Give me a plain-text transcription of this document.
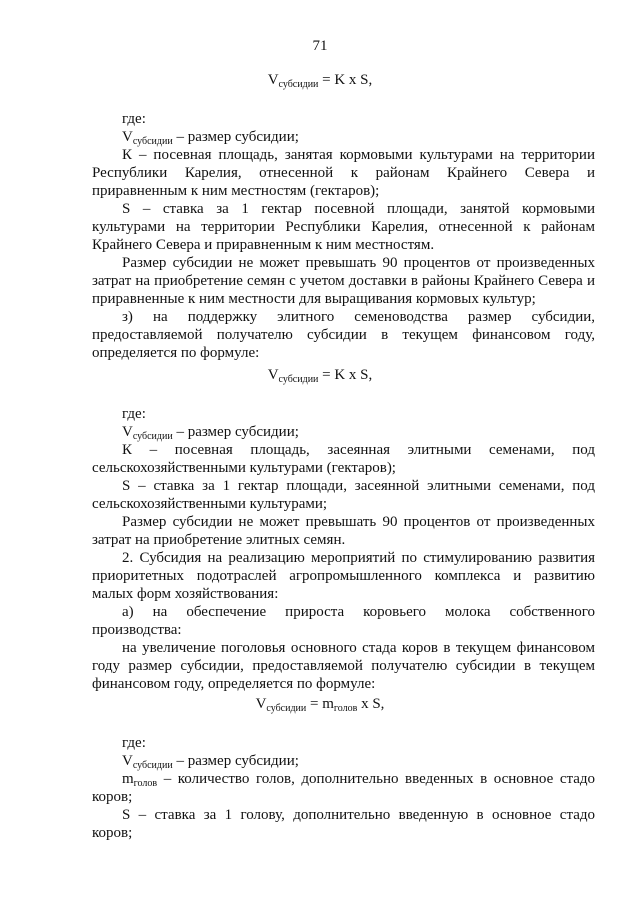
71
$V_{субсидии} = K$ x S,
где:
$V_{субсидии}$ – размер субсидии;
К – посевная площадь, занятая кормовыми культурами на территории
Республики Карелия, отнесенной к районам Крайнего Севера и
приравненным к ним местностям (гектаров);
S – ставка за 1 гектар посевной площади, занятой кормовыми
культурами на территории Республики Карелия, отнесенной к районам
Крайнего Севера и приравненным к ним местностям.
Размер субсидии не может превышать 90 процентов от произведенных
затрат на приобретение семян с учетом доставки в районы Крайнего Севера и
приравненные к ним местности для выращивания кормовых культур;
з) на поддержку элитного семеноводства размер субсидии,
предоставляемой получателю субсидии в текущем финансовом году,
определяется по формуле:
$V_{субсидии} = K$ x S,
где:
$V_{субсидии}$ – размер субсидии;
К – посевная площадь, засеянная элитными семенами, под
сельскохозяйственными культурами (гектаров);
S – ставка за 1 гектар площади, засеянной элитными семенами, под
сельскохозяйственными культурами;
Размер субсидии не может превышать 90 процентов от произведенных
затрат на приобретение элитных семян.
2. Субсидия на реализацию мероприятий по стимулированию развития
приоритетных подотраслей агропромышленного комплекса и развитию
малых форм хозяйствования:
а) на обеспечение прироста коровьего молока собственного
производства:
на увеличение поголовья основного стада коров в текущем финансовом
году размер субсидии, предоставляемой получателю субсидии в текущем
финансовом году, определяется по формуле:
$V_{субсидии} = m_{голов}$ x S,
где:
$V_{субсидии}$ – размер субсидии;
$m_{голов}$ – количество голов, дополнительно введенных в основное стадо
коров;
S – ставка за 1 голову, дополнительно введенную в основное стадо
коров;
